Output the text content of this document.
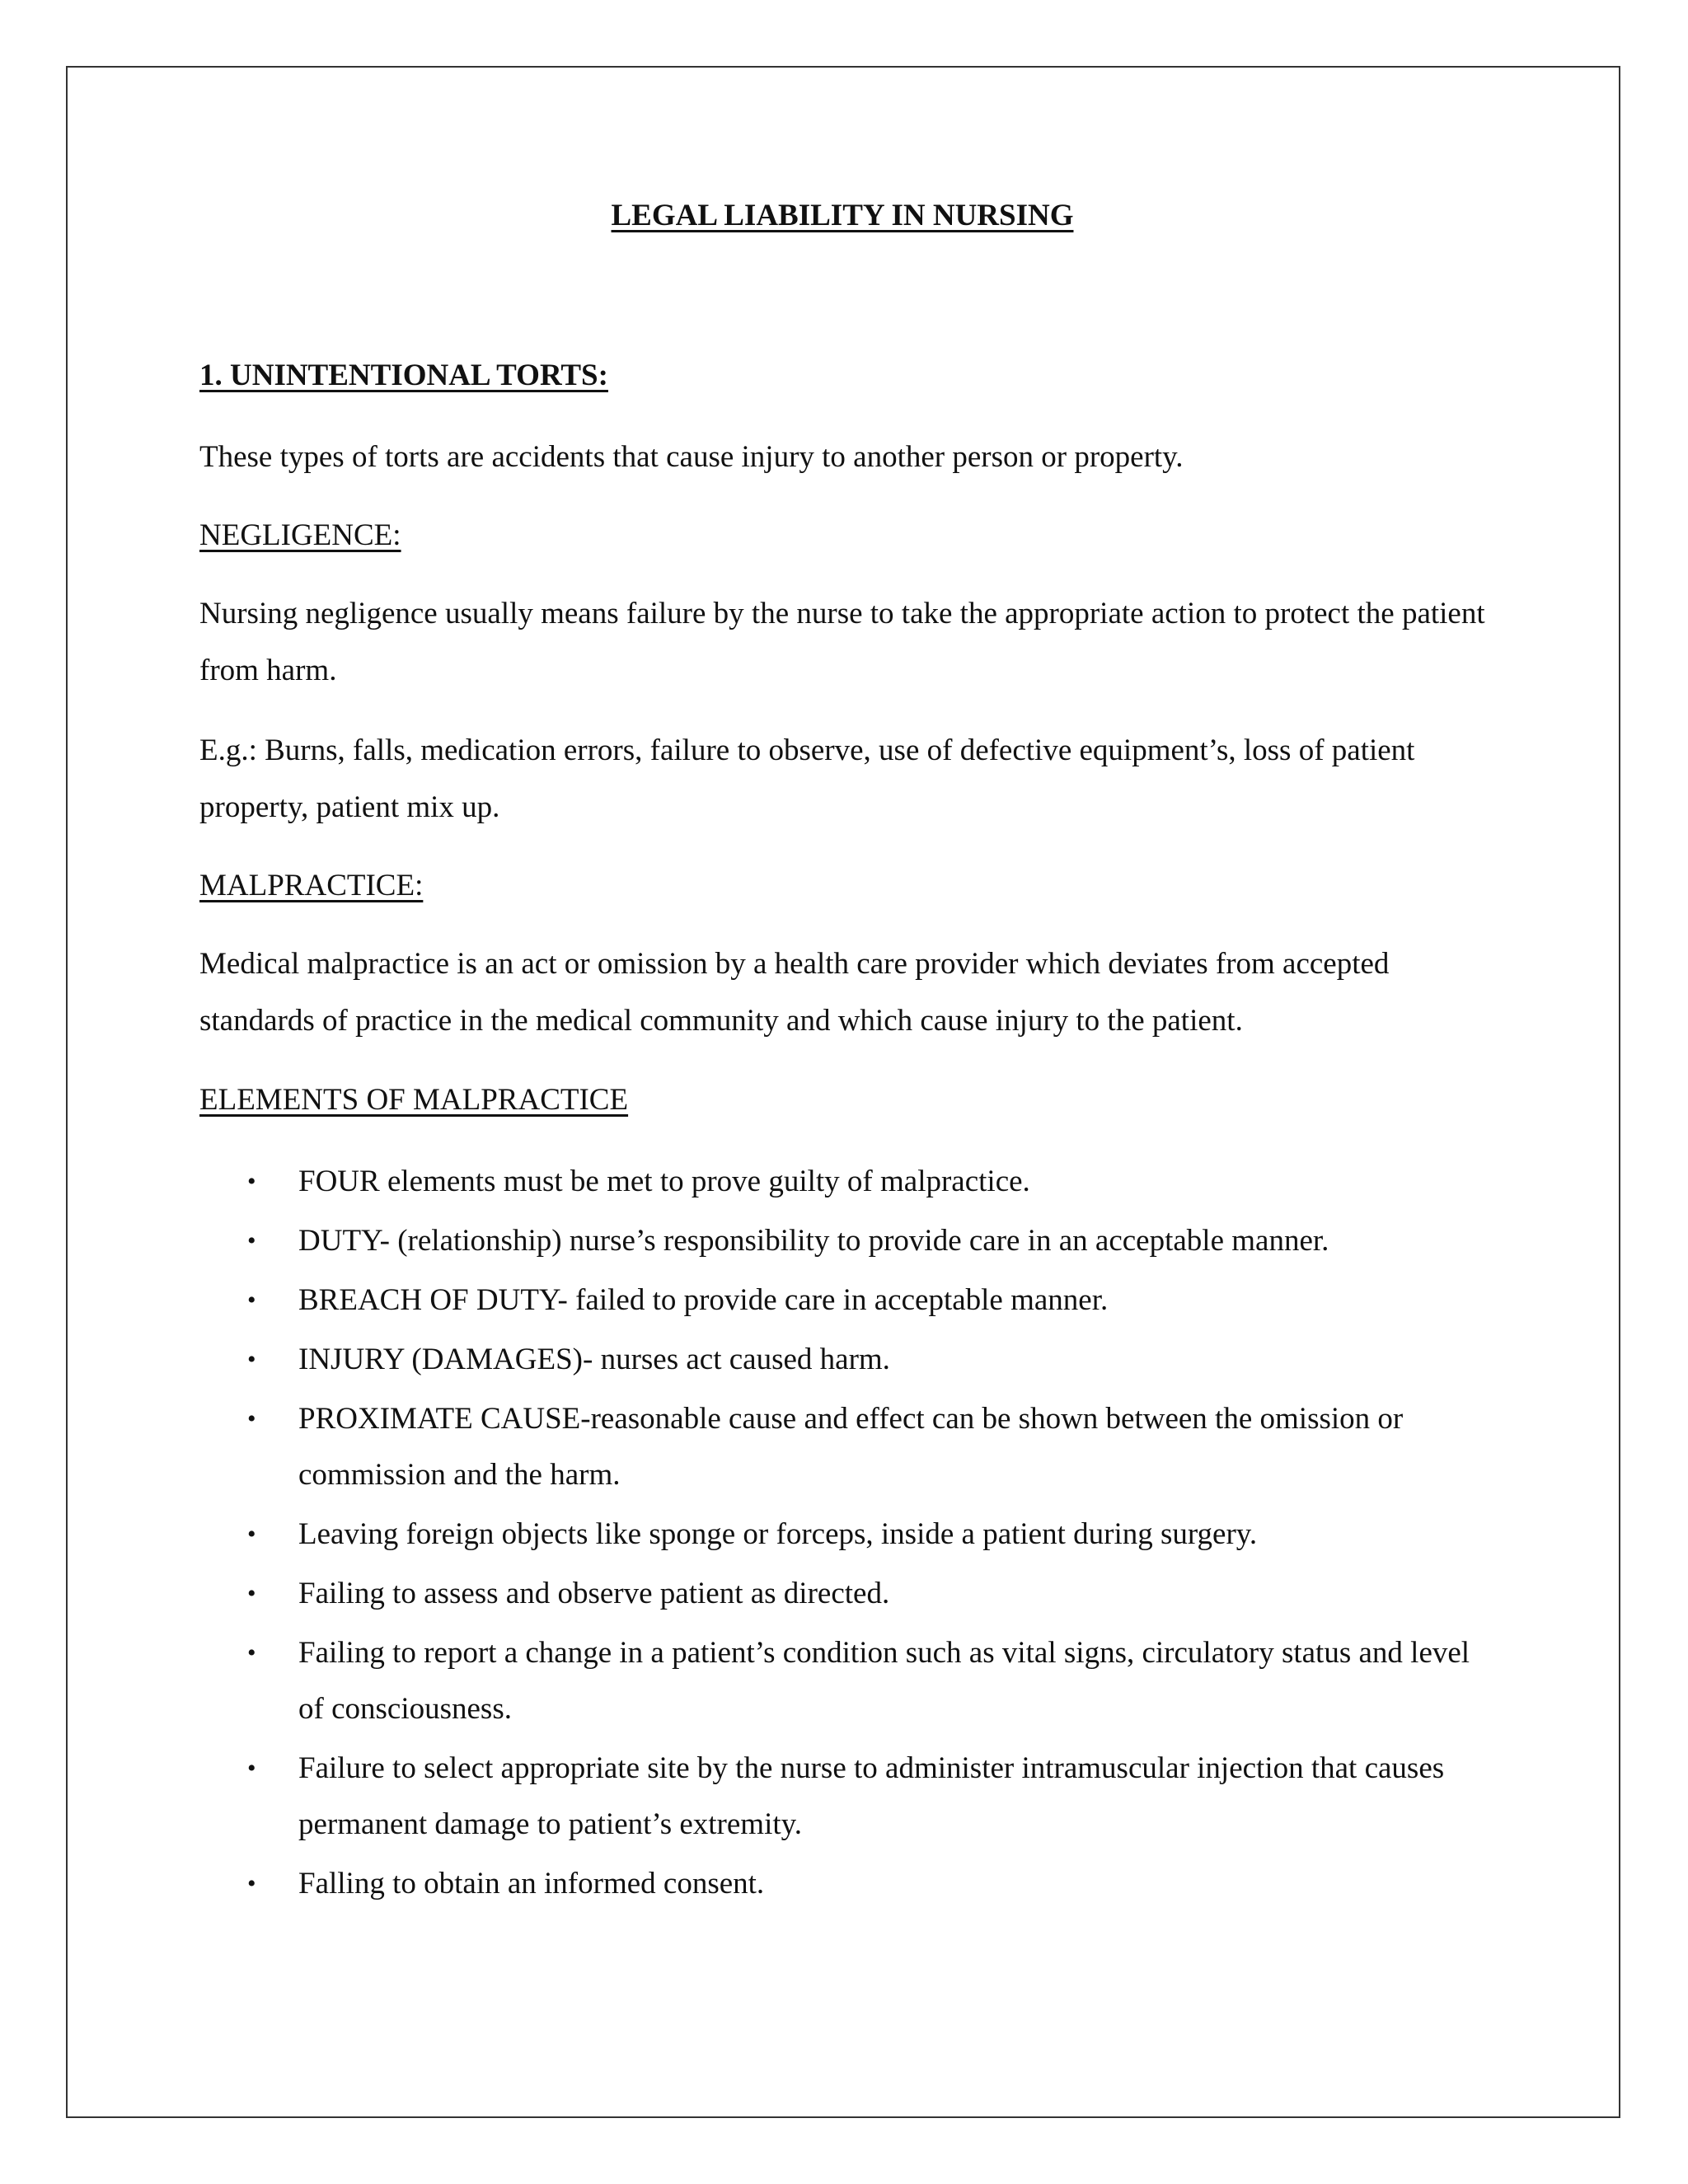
LEGAL LIABILITY IN NURSING
1. UNINTENTIONAL TORTS:

These types of torts are accidents that cause injury to another person or property.

NEGLIGENCE:

Nursing negligence usually means failure by the nurse to take the appropriate action to protect the patient from harm.

E.g.: Burns, falls, medication errors, failure to observe, use of defective equipment’s, loss of patient property, patient mix up.

MALPRACTICE:

Medical malpractice is an act or omission by a health care provider which deviates from accepted standards of practice in the medical community and which cause injury to the patient.

ELEMENTS OF MALPRACTICE

• FOUR elements must be met to prove guilty of malpractice.
• DUTY- (relationship) nurse’s responsibility to provide care in an acceptable manner.
• BREACH OF DUTY- failed to provide care in acceptable manner.
• INJURY (DAMAGES)- nurses act caused harm.
• PROXIMATE CAUSE-reasonable cause and effect can be shown between the omission or commission and the harm.
• Leaving foreign objects like sponge or forceps, inside a patient during surgery.
• Failing to assess and observe patient as directed.
• Failing to report a change in a patient’s condition such as vital signs, circulatory status and level of consciousness.
• Failure to select appropriate site by the nurse to administer intramuscular injection that causes permanent damage to patient’s extremity.
• Falling to obtain an informed consent.
